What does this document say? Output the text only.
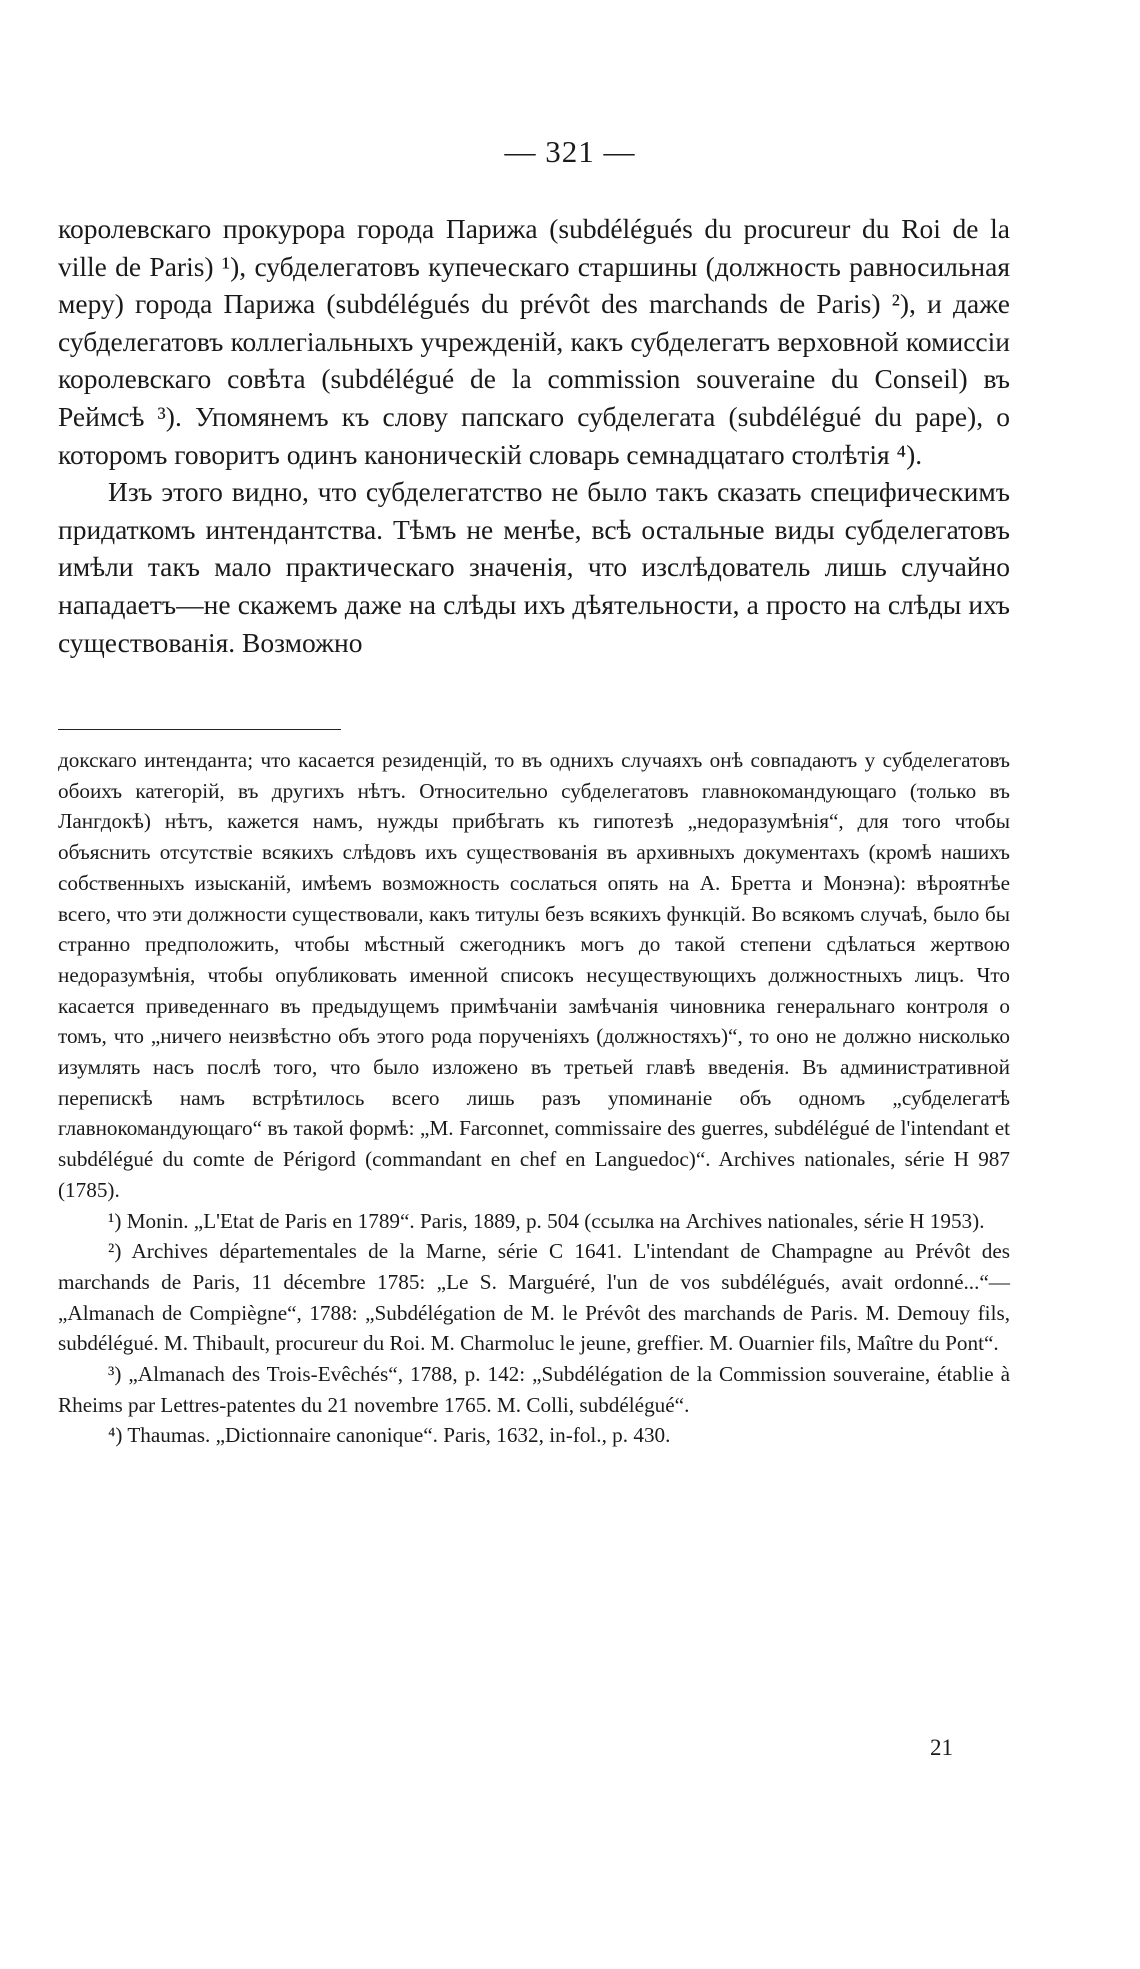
— 321 —

королевскаго прокурора города Парижа (subdélégués du procureur du Roi de la ville de Paris) ¹), субделегатовъ купеческаго старшины (должность равносильная меру) города Парижа (subdélégués du prévôt des marchands de Paris) ²), и даже субделегатовъ коллегіальныхъ учрежденій, какъ субделегатъ верховной комиссіи королевскаго совѣта (subdélégué de la commission souveraine du Conseil) въ Реймсѣ ³). Упомянемъ къ слову папскаго субделегата (subdélégué du pape), о которомъ говоритъ одинъ каноническій словарь семнадцатаго столѣтія ⁴).

Изъ этого видно, что субделегатство не было такъ сказать специфическимъ придаткомъ интендантства. Тѣмъ не менѣе, всѣ остальные виды субделегатовъ имѣли такъ мало практическаго значенія, что изслѣдователь лишь случайно нападаетъ—не скажемъ даже на слѣды ихъ дѣятельности, а просто на слѣды ихъ существованія. Возможно

докскаго интенданта; что касается резиденцій, то въ однихъ случаяхъ онѣ совпадаютъ у субделегатовъ обоихъ категорій, въ другихъ нѣтъ. Относительно субделегатовъ главнокомандующаго (только въ Лангдокѣ) нѣтъ, кажется намъ, нужды прибѣгать къ гипотезѣ „недоразумѣнія“, для того чтобы объяснить отсутствіе всякихъ слѣдовъ ихъ существованія въ архивныхъ документахъ (кромѣ нашихъ собственныхъ изысканій, имѣемъ возможность сослаться опять на А. Бретта и Монэна): вѣроятнѣе всего, что эти должности существовали, какъ титулы безъ всякихъ функцій. Во всякомъ случаѣ, было бы странно предположить, чтобы мѣстный сжегодникъ могъ до такой степени сдѣлаться жертвою недоразумѣнія, чтобы опубликовать именной списокъ несуществующихъ должностныхъ лицъ. Что касается приведеннаго въ предыдущемъ примѣчаніи замѣчанія чиновника генеральнаго контроля о томъ, что „ничего неизвѣстно объ этого рода порученіяхъ (должностяхъ)“, то оно не должно нисколько изумлять насъ послѣ того, что было изложено въ третьей главѣ введенія. Въ административной перепискѣ намъ встрѣтилось всего лишь разъ упоминаніе объ одномъ „субделегатѣ главнокомандующаго“ въ такой формѣ: „M. Farconnet, commissaire des guerres, subdélégué de l'intendant et subdélégué du comte de Périgord (commandant en chef en Languedoc)“. Archives nationales, série H 987 (1785).

¹) Monin. „L'Etat de Paris en 1789“. Paris, 1889, p. 504 (ссылка на Archives nationales, série H 1953).

²) Archives départementales de la Marne, série C 1641. L'intendant de Champagne au Prévôt des marchands de Paris, 11 décembre 1785: „Le S. Marguéré, l'un de vos subdélégués, avait ordonné...“—„Almanach de Compiègne“, 1788: „Subdélégation de M. le Prévôt des marchands de Paris. M. Demouy fils, subdélégué. M. Thibault, procureur du Roi. M. Charmoluc le jeune, greffier. M. Ouarnier fils, Maître du Pont“.

³) „Almanach des Trois-Evêchés“, 1788, p. 142: „Subdélégation de la Commission souveraine, établie à Rheims par Lettres-patentes du 21 novembre 1765. M. Colli, subdélégué“.

⁴) Thaumas. „Dictionnaire canonique“. Paris, 1632, in-fol., p. 430.

21
